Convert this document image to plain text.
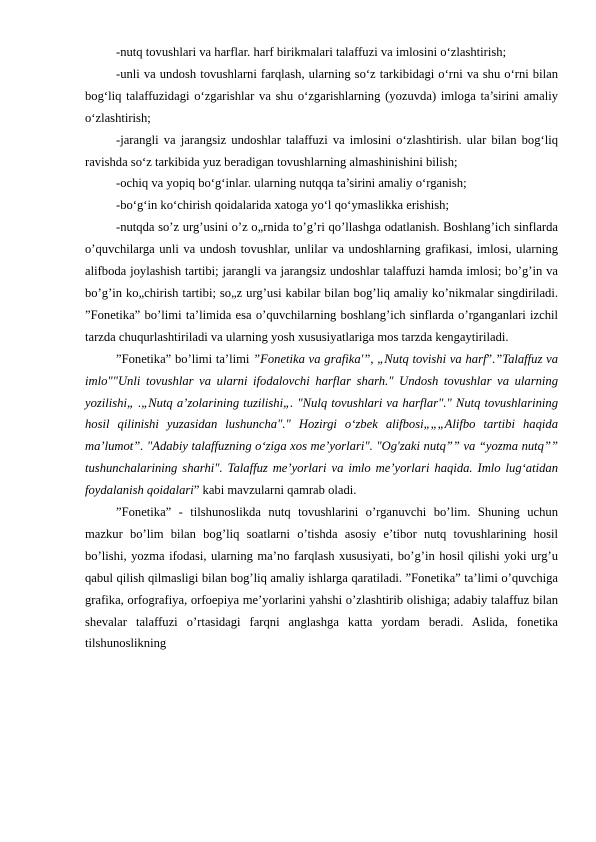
-nutq tovushlari va harflar. harf birikmalari talaffuzi va imlosini o‘zlashtirish;

-unli va undosh tovushlarni farqlash, ularning so‘z tarkibidagi o‘rni va shu o‘rni bilan bog‘liq talaffuzidagi o‘zgarishlar va shu o‘zgarishlarning (yozuvda) imloga ta’sirini amaliy o‘zlashtirish;

-jarangli va jarangsiz undoshlar talaffuzi va imlosini o‘zlashtirish. ular bilan bog‘liq ravishda so‘z tarkibida yuz beradigan tovushlarning almashinishini bilish;

-ochiq va yopiq bo‘g‘inlar. ularning nutqqa ta’sirini amaliy o‘rganish;

-bo‘g‘in ko‘chirish qoidalarida xatoga yo‘l qo‘ymaslikka erishish;

-nutqda so’z urg’usini o’z o„rnida to’g’ri qo’llashga odatlanish. Boshlang’ich sinflarda o’quvchilarga unli va undosh tovushlar, unlilar va undoshlarning grafikasi, imlosi, ularning alifboda joylashish tartibi; jarangli va jarangsiz undoshlar talaffuzi hamda imlosi; bo’g’in va bo’g’in ko„chirish tartibi; so„z urg’usi kabilar bilan bog’liq amaliy ko’nikmalar singdiriladi. ”Fonetika” bo’limi ta’limida esa o’quvchilarning boshlang’ich sinflarda o’rganganlari izchil tarzda chuqurlashtiriladi va ularning yosh xususiyatlariga mos tarzda kengaytiriladi.

”Fonetika” bo’limi ta’limi ”Fonetika va grafika'”, „Nutq tovishi va harf”.”Talaffuz va imlo""Unli tovushlar va ularni ifodalovchi harflar sharh." Undosh tovushlar va ularning yozilishi„ .„Nutq a’zolarining tuzilishi„. "Nulq tovushlari va harflar"." Nutq tovushlarining hosil qilinishi yuzasidan lushuncha"." Hozirgi o‘zbek alifbosi„„„Alifbo tartibi haqida ma’lumot”. "Adabiy talaffuzning o‘ziga xos me’yorlari". "Og'zaki nutq”” va “yozma nutq”” tushunchalarining sharhi". Talaffuz me’yorlari va imlo me’yorlari haqida. Imlo lug‘atidan foydalanish qoidalari” kabi mavzularni qamrab oladi.

”Fonetika” - tilshunoslikda nutq tovushlarini o’rganuvchi bo’lim. Shuning uchun mazkur bo’lim bilan bog’liq soatlarni o’tishda asosiy e’tibor nutq tovushlarining hosil bo’lishi, yozma ifodasi, ularning ma’no farqlash xususiyati, bo’g’in hosil qilishi yoki urg’u qabul qilish qilmasligi bilan bog’liq amaliy ishlarga qaratiladi. ”Fonetika” ta’limi o’quvchiga grafika, orfografiya, orfoepiya me’yorlarini yahshi o’zlashtirib olishiga; adabiy talaffuz bilan shevalar talaffuzi o’rtasidagi farqni anglashga katta yordam beradi. Aslida, fonetika tilshunoslikning
